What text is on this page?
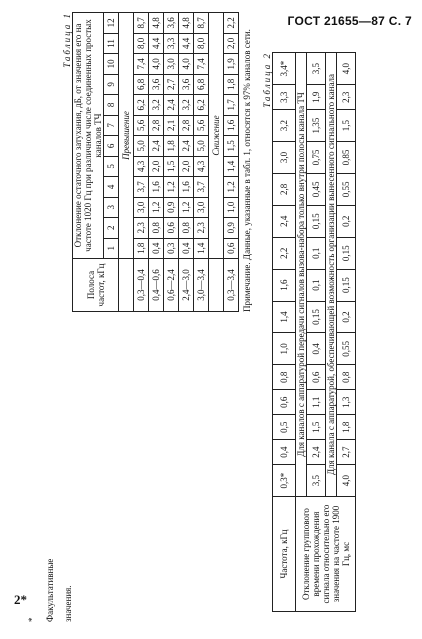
ГОСТ 21655—87 С. 7
Таблица 1
Полоса частот, кГц	Отклонение остаточного затухания, дБ, от значения его на частоте 1020 Гц при различном числе соединенных простых каналов ТЧ											
	1	2	3	4	5	6	7	8	9	10	11	12
	Превышение											
0,3—0,4	1,8	2,3	3,0	3,7	4,3	5,0	5,6	6,2	6,8	7,4	8,0	8,7
0,4—0,6	0,4	0,8	1,2	1,6	2,0	2,4	2,8	3,2	3,6	4,0	4,4	4,8
0,6—2,4	0,3	0,6	0,9	1,2	1,5	1,8	2,1	2,4	2,7	3,0	3,3	3,6
2,4—3,0	0,4	0,8	1,2	1,6	2,0	2,4	2,8	3,2	3,6	4,0	4,4	4,8
3,0—3,4	1,4	2,3	3,0	3,7	4,3	5,0	5,6	6,2	6,8	7,4	8,0	8,7
	Снижение											
0,3—3,4	0,6	0,9	1,0	1,2	1,4	1,5	1,6	1,7	1,8	1,9	2,0	2,2
Примечание. Данные, указанные в табл. 1, относятся к 97% каналов сети. Таблица 2
Частота, кГц	0,3*	0,4	0,5	0,6	0,8	1,0	1,4	1,6	2,2	2,4	2,8	3,0	3,2	3,3	3,4*
Отклонение группового времени прохождения сигнала относительно его значения на частоте 1900 Гц, мс	Для каналов с аппаратурой передачи сигналов вызова-набора только внутри полосы канала ТЧ														
	3,5	2,4	1,5	1,1	0,6	0,4	0,15	0,1	0,1	0,15	0,45	0,75	1,35	1,9	3,5
	Для канала с аппаратурой, обеспечивающей возможность организации вынесенного сигнального канала														
	4,0	2,7	1,8	1,3	0,8	0,55	0,2	0,15	0,15	0,2	0,55	0,85	1,5	2,3	4,0
* Факультативные значения.
2*
